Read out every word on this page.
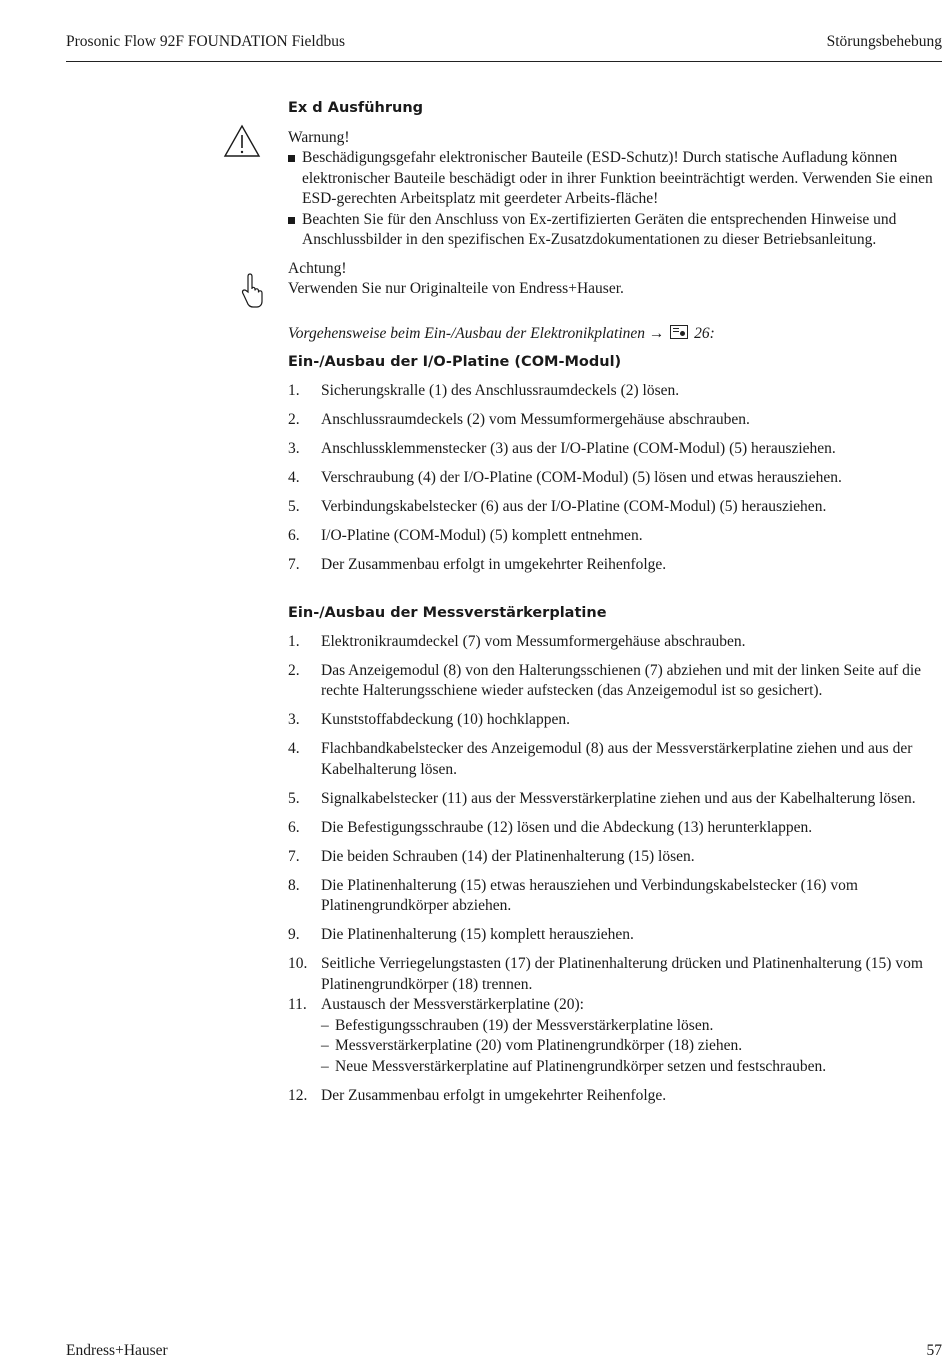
Prosonic Flow 92F FOUNDATION Fieldbus	Störungsbehebung
Ex d Ausführung

Warnung!

Beschädigungsgefahr elektronischer Bauteile (ESD-Schutz)! Durch statische Aufladung können elektronischer Bauteile beschädigt oder in ihrer Funktion beeinträchtigt werden. Verwenden Sie einen ESD-gerechten Arbeitsplatz mit geerdeter Arbeits-fläche!
Beachten Sie für den Anschluss von Ex-zertifizierten Geräten die entsprechenden Hinweise und Anschlussbilder in den spezifischen Ex-Zusatzdokumentationen zu dieser Betriebsanleitung.

Achtung!

Verwenden Sie nur Originalteile von Endress+Hauser.

Vorgehensweise beim Ein-/Ausbau der Elektronikplatinen → 26:

Ein-/Ausbau der I/O-Platine (COM-Modul)
1. Sicherungskralle (1) des Anschlussraumdeckels (2) lösen.
2. Anschlussraumdeckels (2) vom Messumformergehäuse abschrauben.
3. Anschlussklemmenstecker (3) aus der I/O-Platine (COM-Modul) (5) herausziehen.
4. Verschraubung (4) der I/O-Platine (COM-Modul) (5) lösen und etwas herausziehen.
5. Verbindungskabelstecker (6) aus der I/O-Platine (COM-Modul) (5) herausziehen.
6. I/O-Platine (COM-Modul) (5) komplett entnehmen.
7. Der Zusammenbau erfolgt in umgekehrter Reihenfolge.
Ein-/Ausbau der Messverstärkerplatine
1. Elektronikraumdeckel (7) vom Messumformergehäuse abschrauben.
2. Das Anzeigemodul (8) von den Halterungsschienen (7) abziehen und mit der linken Seite auf die rechte Halterungsschiene wieder aufstecken (das Anzeigemodul ist so gesichert).
3. Kunststoffabdeckung (10) hochklappen.
4. Flachbandkabelstecker des Anzeigemodul (8) aus der Messverstärkerplatine ziehen und aus der Kabelhalterung lösen.
5. Signalkabelstecker (11) aus der Messverstärkerplatine ziehen und aus der Kabelhalterung lösen.
6. Die Befestigungsschraube (12) lösen und die Abdeckung (13) herunterklappen.
7. Die beiden Schrauben (14) der Platinenhalterung (15) lösen.
8. Die Platinenhalterung (15) etwas herausziehen und Verbindungskabelstecker (16) vom Platinengrundkörper abziehen.
9. Die Platinenhalterung (15) komplett herausziehen.
10. Seitliche Verriegelungstasten (17) der Platinenhalterung drücken und Platinenhalterung (15) vom Platinengrundkörper (18) trennen.
11. Austausch der Messverstärkerplatine (20):
– Befestigungsschrauben (19) der Messverstärkerplatine lösen.
– Messverstärkerplatine (20) vom Platinengrundkörper (18) ziehen.
– Neue Messverstärkerplatine auf Platinengrundkörper setzen und festschrauben.
12. Der Zusammenbau erfolgt in umgekehrter Reihenfolge.
Endress+Hauser	57
